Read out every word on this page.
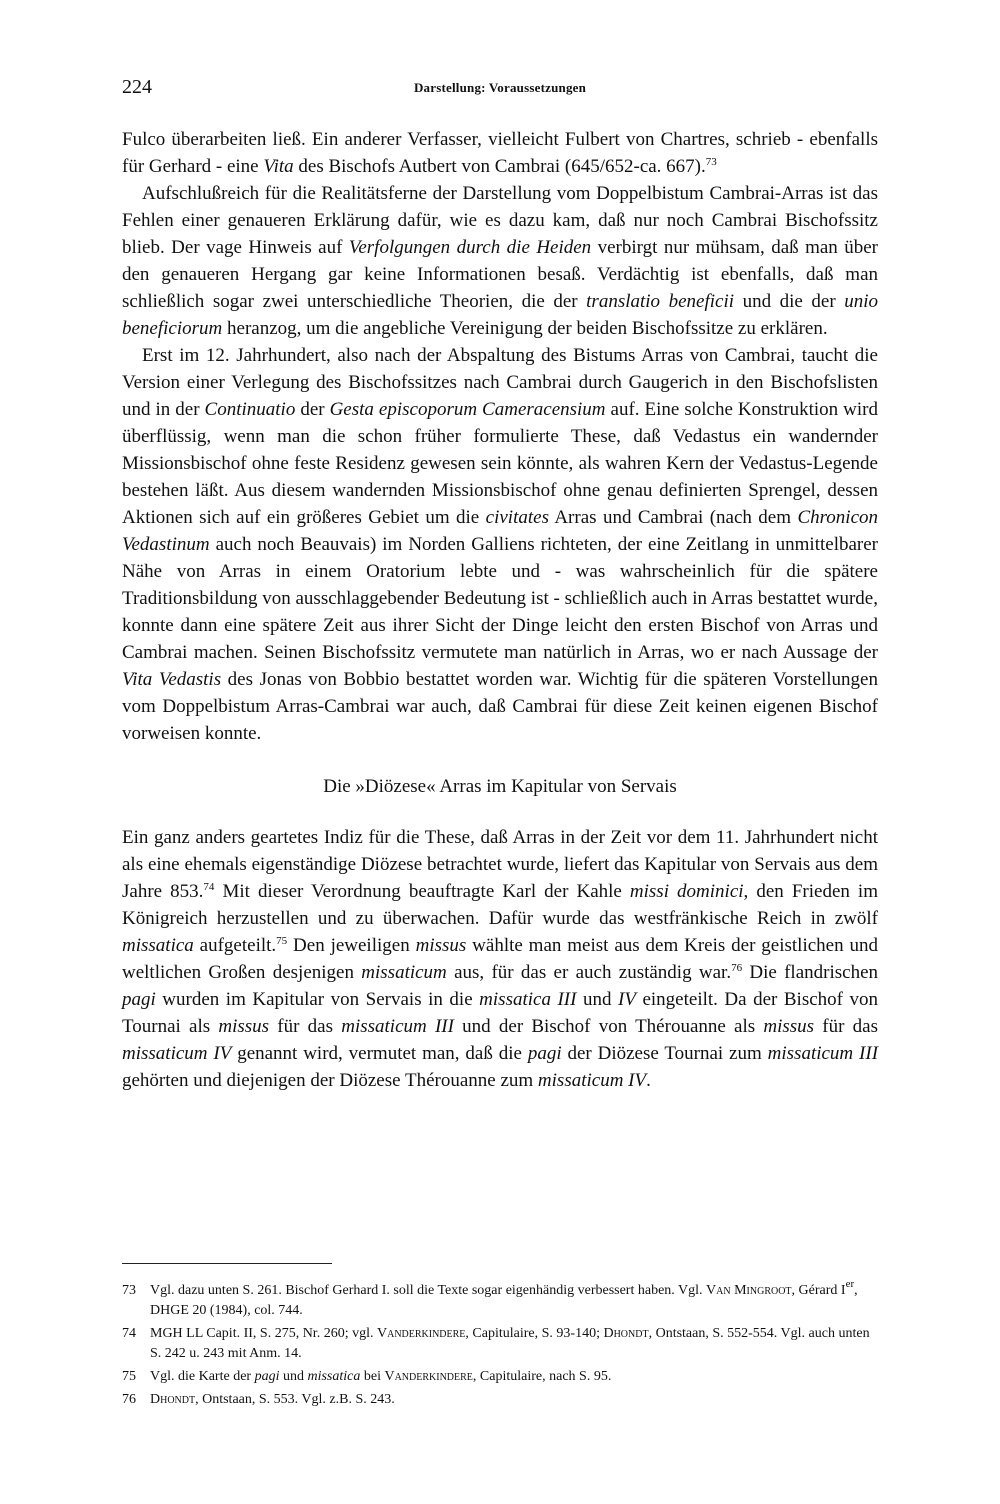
224	Darstellung: Voraussetzungen

Fulco überarbeiten ließ. Ein anderer Verfasser, vielleicht Fulbert von Chartres, schrieb - ebenfalls für Gerhard - eine Vita des Bischofs Autbert von Cambrai (645/652-ca. 667).$^{73}$

Aufschlußreich für die Realitätsferne der Darstellung vom Doppelbistum Cambrai-Arras ist das Fehlen einer genaueren Erklärung dafür, wie es dazu kam, daß nur noch Cambrai Bischofssitz blieb. Der vage Hinweis auf Verfolgungen durch die Heiden verbirgt nur mühsam, daß man über den genaueren Hergang gar keine Informationen besaß. Verdächtig ist ebenfalls, daß man schließlich sogar zwei unterschiedliche Theorien, die der translatio beneficii und die der unio beneficiorum heranzog, um die angebliche Vereinigung der beiden Bischofssitze zu erklären.

Erst im 12. Jahrhundert, also nach der Abspaltung des Bistums Arras von Cambrai, taucht die Version einer Verlegung des Bischofssitzes nach Cambrai durch Gaugerich in den Bischofslisten und in der Continuatio der Gesta episcoporum Cameracensium auf. Eine solche Konstruktion wird überflüssig, wenn man die schon früher formulierte These, daß Vedastus ein wandernder Missionsbischof ohne feste Residenz gewesen sein könnte, als wahren Kern der Vedastus-Legende bestehen läßt. Aus diesem wandernden Missionsbischof ohne genau definierten Sprengel, dessen Aktionen sich auf ein größeres Gebiet um die civitates Arras und Cambrai (nach dem Chronicon Vedastinum auch noch Beauvais) im Norden Galliens richteten, der eine Zeitlang in unmittelbarer Nähe von Arras in einem Oratorium lebte und - was wahrscheinlich für die spätere Traditionsbildung von ausschlaggebender Bedeutung ist - schließlich auch in Arras bestattet wurde, konnte dann eine spätere Zeit aus ihrer Sicht der Dinge leicht den ersten Bischof von Arras und Cambrai machen. Seinen Bischofssitz vermutete man natürlich in Arras, wo er nach Aussage der Vita Vedastis des Jonas von Bobbio bestattet worden war. Wichtig für die späteren Vorstellungen vom Doppelbistum Arras-Cambrai war auch, daß Cambrai für diese Zeit keinen eigenen Bischof vorweisen konnte.

Die »Diözese« Arras im Kapitular von Servais

Ein ganz anders geartetes Indiz für die These, daß Arras in der Zeit vor dem 11. Jahrhundert nicht als eine ehemals eigenständige Diözese betrachtet wurde, liefert das Kapitular von Servais aus dem Jahre 853.74 Mit dieser Verordnung beauftragte Karl der Kahle missi dominici, den Frieden im Königreich herzustellen und zu überwachen. Dafür wurde das westfränkische Reich in zwölf missatica aufgeteilt.$^{75}$ Den jeweiligen missus wählte man meist aus dem Kreis der geistlichen und weltlichen Großen desjenigen missaticum aus, für das er auch zuständig war.$^{76}$ Die flandrischen pagi wurden im Kapitular von Servais in die missatica III und IV eingeteilt. Da der Bischof von Tournai als missus für das missaticum III und der Bischof von Thérouanne als missus für das missaticum IV genannt wird, vermutet man, daß die pagi der Diözese Tournai zum missaticum III gehörten und diejenigen der Diözese Thérouanne zum missaticum IV.

73	Vgl. dazu unten S. 261. Bischof Gerhard I. soll die Texte sogar eigenhändig verbessert haben. Vgl. Van Mingroot, Gérard Ier, DHGE 20 (1984), col. 744.
74	MGH LL Capit. II, S. 275, Nr. 260; vgl. Vanderkindere, Capitulaire, S. 93-140; Dhondt, Ontstaan, S. 552-554. Vgl. auch unten S. 242 u. 243 mit Anm. 14.
75	Vgl. die Karte der pagi und missatica bei Vanderkindere, Capitulaire, nach S. 95.
76	Dhondt, Ontstaan, S. 553. Vgl. z.B. S. 243.
